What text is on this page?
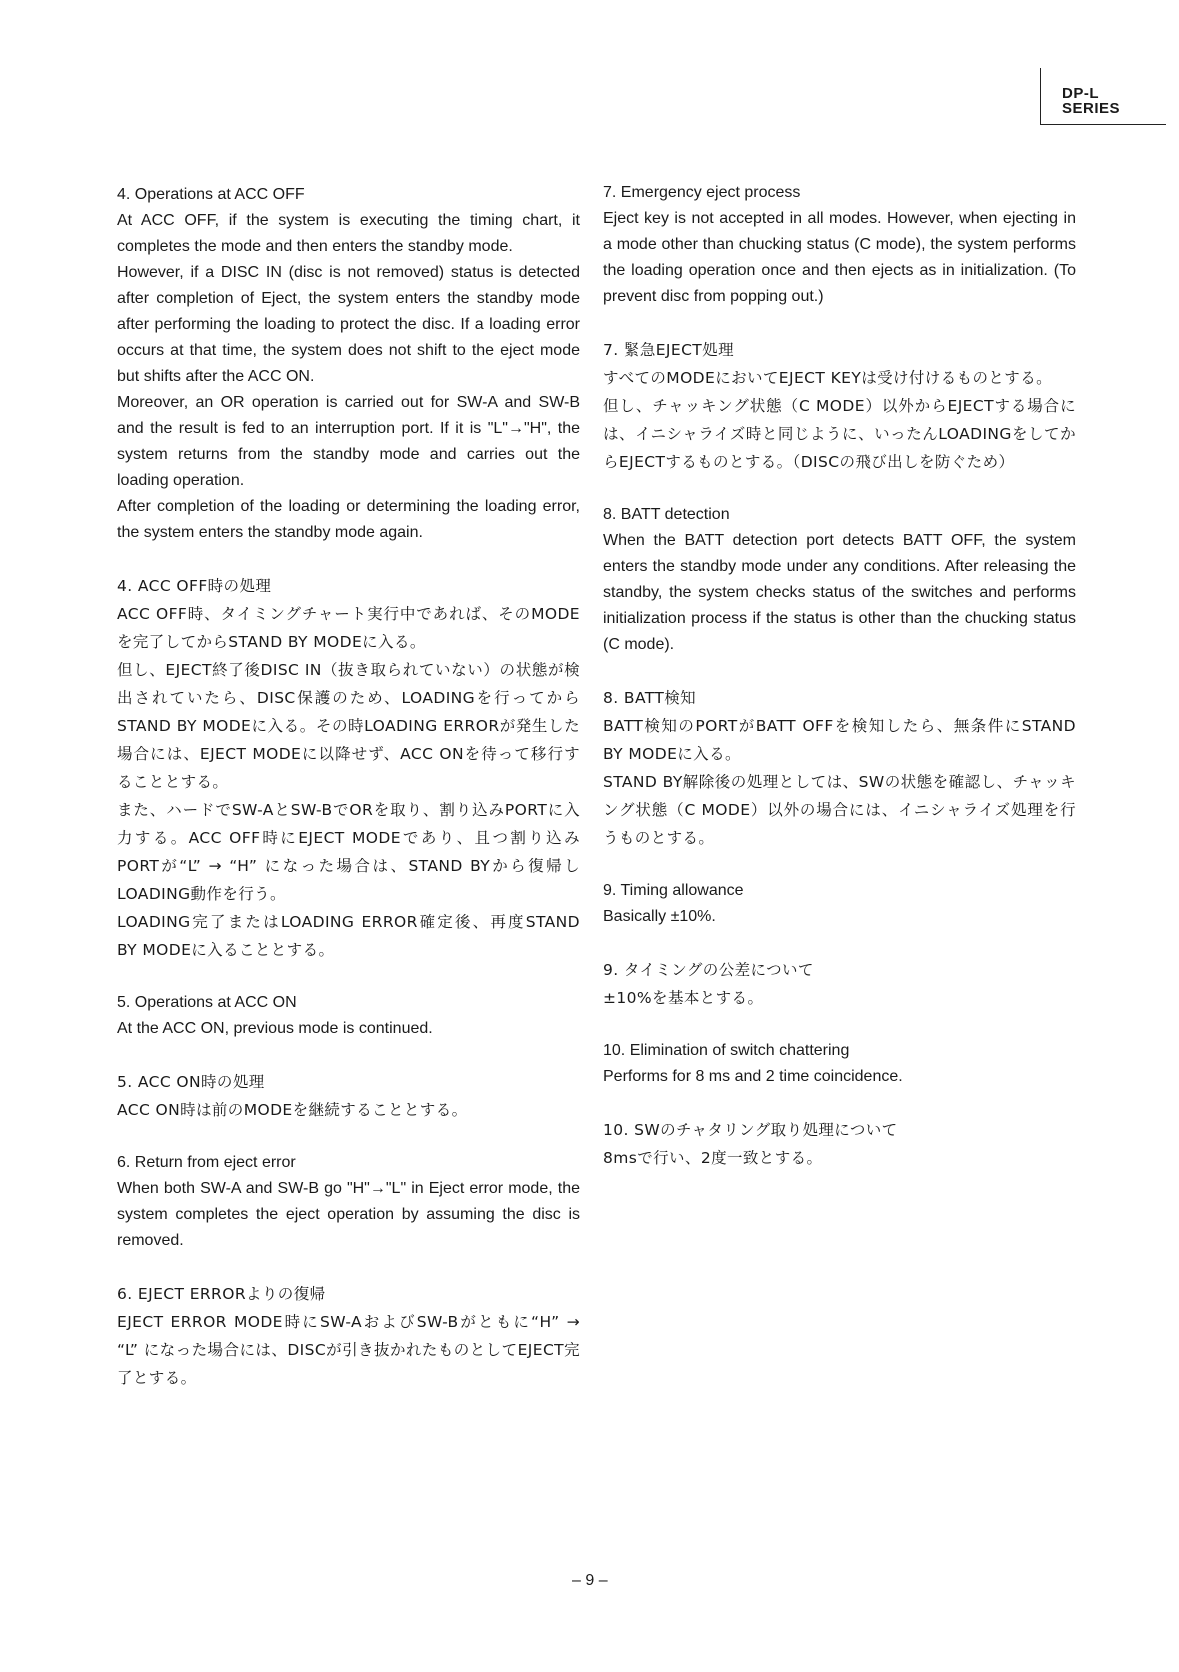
DP-L
SERIES
4. Operations at ACC OFF

At ACC OFF, if the system is executing the timing chart, it completes the mode and then enters the standby mode.

However, if a DISC IN (disc is not removed) status is detected after completion of Eject, the system enters the standby mode after performing the loading to protect the disc. If a loading error occurs at that time, the system does not shift to the eject mode but shifts after the ACC ON.

Moreover, an OR operation is carried out for SW-A and SW-B and the result is fed to an interruption port. If it is "L"→"H", the system returns from the standby mode and carries out the loading operation.

After completion of the loading or determining the loading error, the system enters the standby mode again.

4. ACC OFF時の処理

ACC OFF時、タイミングチャート実行中であれば、そのMODEを完了してからSTAND BY MODEに入る。

但し、EJECT終了後DISC IN（抜き取られていない）の状態が検出されていたら、DISC保護のため、LOADINGを行ってからSTAND BY MODEに入る。その時LOADING ERRORが発生した場合には、EJECT MODEに以降せず、ACC ONを待って移行することとする。

また、ハードでSW-AとSW-BでORを取り、割り込みPORTに入力する。ACC OFF時にEJECT MODEであり、且つ割り込みPORTが“L” → “H” になった場合は、STAND BYから復帰しLOADING動作を行う。

LOADING完了またはLOADING ERROR確定後、再度STAND BY MODEに入ることとする。

5. Operations at ACC ON

At the ACC ON, previous mode is continued.

5. ACC ON時の処理

ACC ON時は前のMODEを継続することとする。

6. Return from eject error

When both SW-A and SW-B go "H"→"L" in Eject error mode, the system completes the eject operation by assuming the disc is removed.

6. EJECT ERRORよりの復帰

EJECT ERROR MODE時にSW-AおよびSW-Bがともに“H” → “L” になった場合には、DISCが引き抜かれたものとしてEJECT完了とする。

7. Emergency eject process

Eject key is not accepted in all modes. However, when ejecting in a mode other than chucking status (C mode), the system performs the loading operation once and then ejects as in initialization. (To prevent disc from popping out.)

7. 緊急EJECT処理

すべてのMODEにおいてEJECT KEYは受け付けるものとする。

但し、チャッキング状態（C MODE）以外からEJECTする場合には、イニシャライズ時と同じように、いったんLOADINGをしてからEJECTするものとする。（DISCの飛び出しを防ぐため）

8. BATT detection

When the BATT detection port detects BATT OFF, the system enters the standby mode under any conditions. After releasing the standby, the system checks status of the switches and performs initialization process if the status is other than the chucking status (C mode).

8. BATT検知

BATT検知のPORTがBATT OFFを検知したら、無条件にSTAND BY MODEに入る。

STAND BY解除後の処理としては、SWの状態を確認し、チャッキング状態（C MODE）以外の場合には、イニシャライズ処理を行うものとする。

9. Timing allowance

Basically ±10%.

9. タイミングの公差について

±10%を基本とする。

10. Elimination of switch chattering

Performs for 8 ms and 2 time coincidence.

10. SWのチャタリング取り処理について

8msで行い、2度一致とする。

– 9 –
